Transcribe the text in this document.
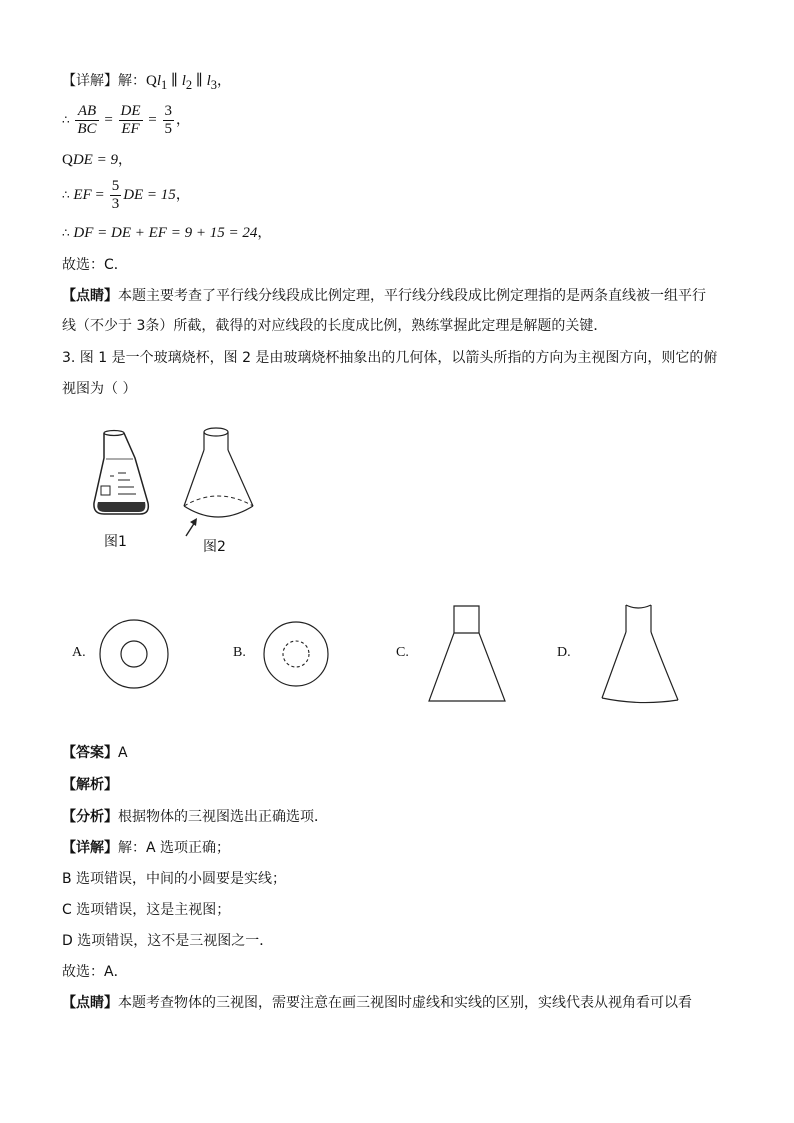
【详解】解：$Ql_1$ ∥ $l_2$ ∥ $l_3$，
∴ $\frac{AB}{BC} = \frac{DE}{EF} = \frac{3}{5}$ ，
QDE = 9，
∴ EF = $\frac{5}{3}$ DE = 15，
∴ DF = DE + EF = 9 + 15 = 24，
故选：C．
【点睛】本题主要考查了平行线分线段成比例定理，平行线分线段成比例定理指的是两条直线被一组平行
线（不少于 3条）所截，截得的对应线段的长度成比例，熟练掌握此定理是解题的关键．
3. 图 1 是一个玻璃烧杯，图 2 是由玻璃烧杯抽象出的几何体，以箭头所指的方向为主视图方向，则它的俯
视图为（ ）
图1	图2
A.	B.	C.	D.
【答案】A
【解析】
【分析】根据物体的三视图选出正确选项．
【详解】解：A 选项正确；
B 选项错误，中间的小圆要是实线；
C 选项错误，这是主视图；
D 选项错误，这不是三视图之一．
故选：A．
【点睛】本题考查物体的三视图，需要注意在画三视图时虚线和实线的区别，实线代表从视角看可以看
